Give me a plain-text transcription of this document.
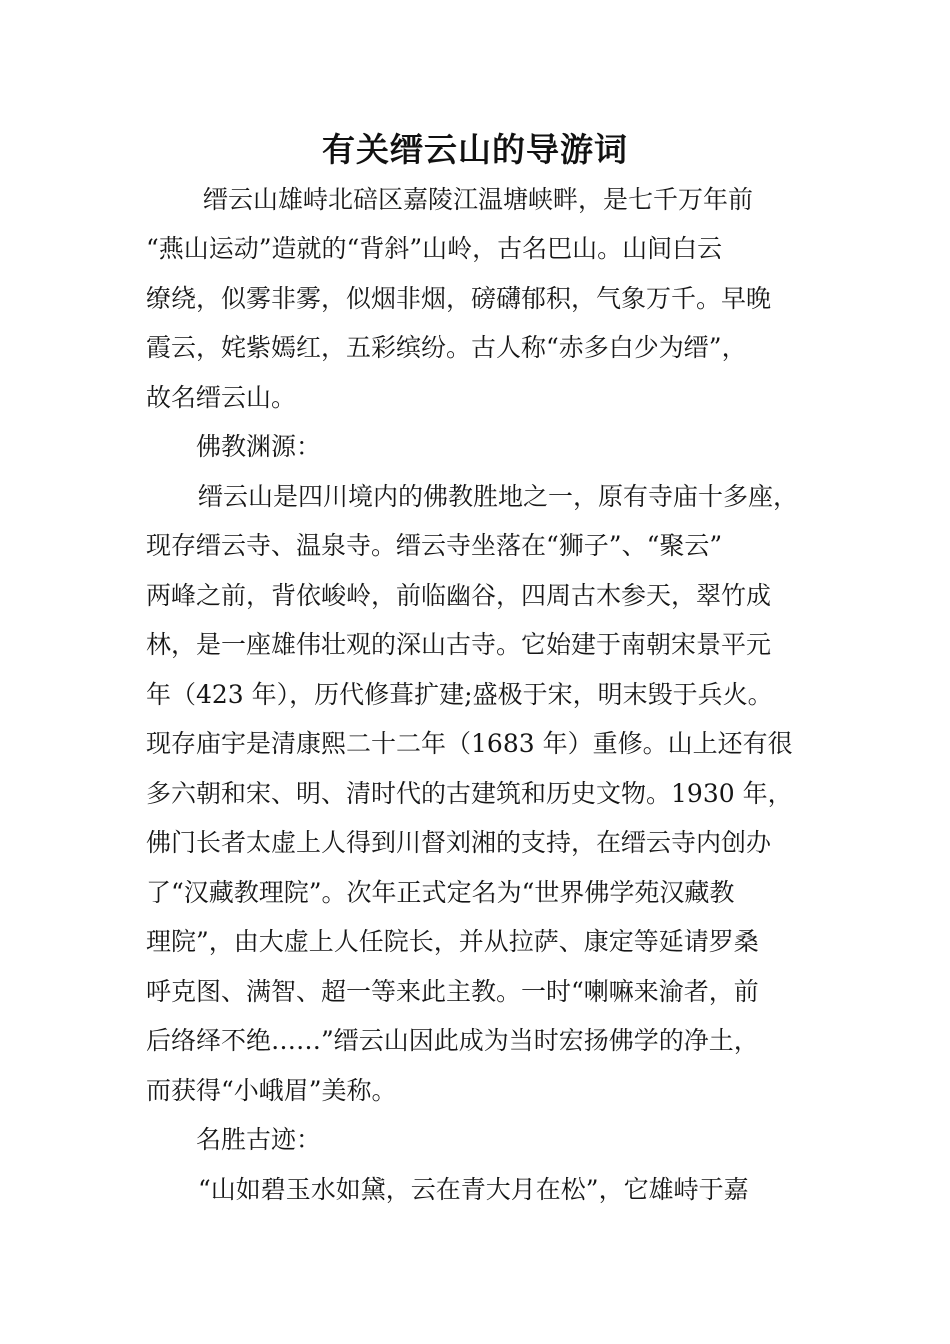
有关缙云山的导游词
缙云山雄峙北碚区嘉陵江温塘峡畔，是七千万年前
“燕山运动”造就的“背斜”山岭，古名巴山。山间白云
缭绕，似雾非雾，似烟非烟，磅礴郁积，气象万千。早晚
霞云，姹紫嫣红，五彩缤纷。古人称“赤多白少为缙”，
故名缙云山。
佛教渊源：
缙云山是四川境内的佛教胜地之一，原有寺庙十多座，
现存缙云寺、温泉寺。缙云寺坐落在“狮子”、“聚云”
两峰之前，背依峻岭，前临幽谷，四周古木参天，翠竹成
林，是一座雄伟壮观的深山古寺。它始建于南朝宋景平元
年（423 年），历代修葺扩建;盛极于宋，明末毁于兵火。
现存庙宇是清康熙二十二年（1683 年）重修。山上还有很
多六朝和宋、明、清时代的古建筑和历史文物。1930 年，
佛门长者太虚上人得到川督刘湘的支持，在缙云寺内创办
了“汉藏教理院”。次年正式定名为“世界佛学苑汉藏教
理院”，由大虚上人任院长，并从拉萨、康定等延请罗桑
呼克图、满智、超一等来此主教。一时“喇嘛来渝者，前
后络绎不绝……”缙云山因此成为当时宏扬佛学的净土，
而获得“小峨眉”美称。
名胜古迹：
“山如碧玉水如黛，云在青大月在松”，它雄峙于嘉
